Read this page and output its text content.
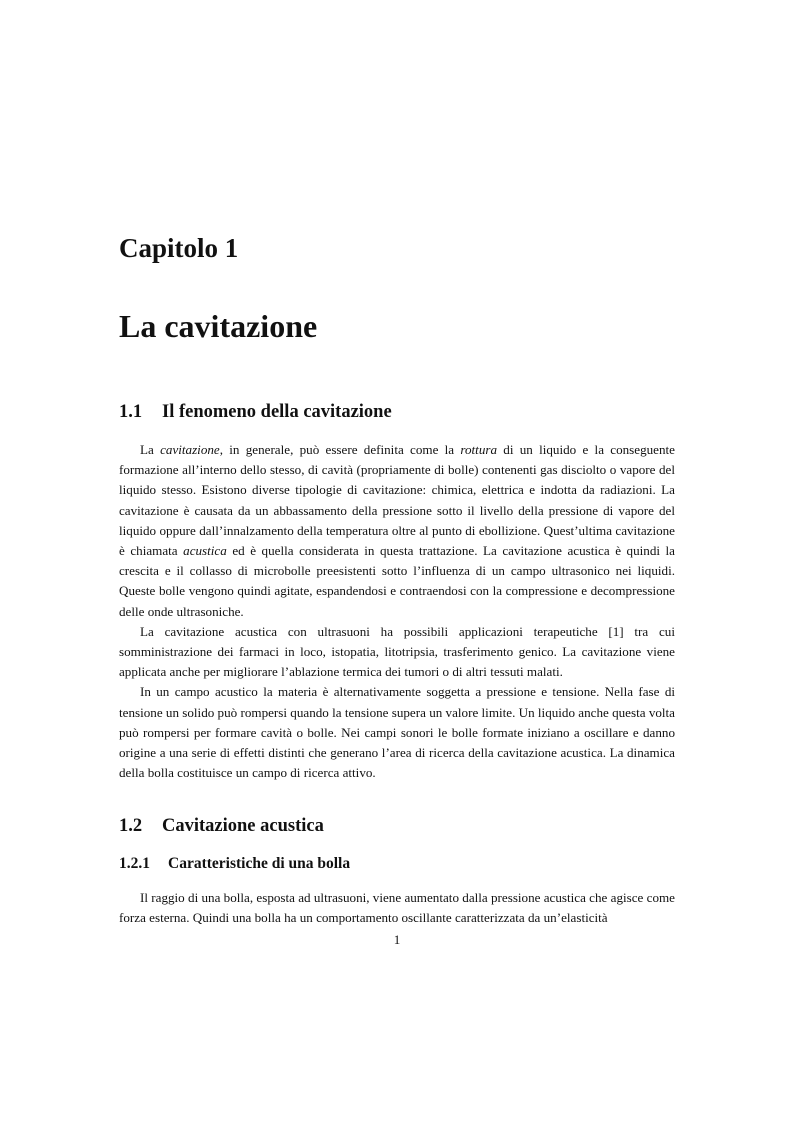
Capitolo 1
La cavitazione
1.1 Il fenomeno della cavitazione

La cavitazione, in generale, può essere definita come la rottura di un liquido e la conseguente formazione all’interno dello stesso, di cavità (propriamente di bolle) contenenti gas disciolto o vapore del liquido stesso. Esistono diverse tipologie di cavitazione: chimica, elettrica e indotta da radiazioni. La cavitazione è causata da un abbassamento della pressione sotto il livello della pressione di vapore del liquido oppure dall’innalzamento della temperatura oltre al punto di ebollizione. Quest’ultima cavitazione è chiamata acustica ed è quella considerata in questa trattazione. La cavitazione acustica è quindi la crescita e il collasso di microbolle preesistenti sotto l’influenza di un campo ultrasonico nei liquidi. Queste bolle vengono quindi agitate, espandendosi e contraendosi con la compressione e decompressione delle onde ultrasoniche.

La cavitazione acustica con ultrasuoni ha possibili applicazioni terapeutiche [1] tra cui somministrazione dei farmaci in loco, istopatia, litotripsia, trasferimento genico. La cavitazione viene applicata anche per migliorare l’ablazione termica dei tumori o di altri tessuti malati.

In un campo acustico la materia è alternativamente soggetta a pressione e tensione. Nella fase di tensione un solido può rompersi quando la tensione supera un valore limite. Un liquido anche questa volta può rompersi per formare cavità o bolle. Nei campi sonori le bolle formate iniziano a oscillare e danno origine a una serie di effetti distinti che generano l’area di ricerca della cavitazione acustica. La dinamica della bolla costituisce un campo di ricerca attivo.

1.2 Cavitazione acustica
1.2.1 Caratteristiche di una bolla

Il raggio di una bolla, esposta ad ultrasuoni, viene aumentato dalla pressione acustica che agisce come forza esterna. Quindi una bolla ha un comportamento oscillante caratterizzata da un’elasticità

1
